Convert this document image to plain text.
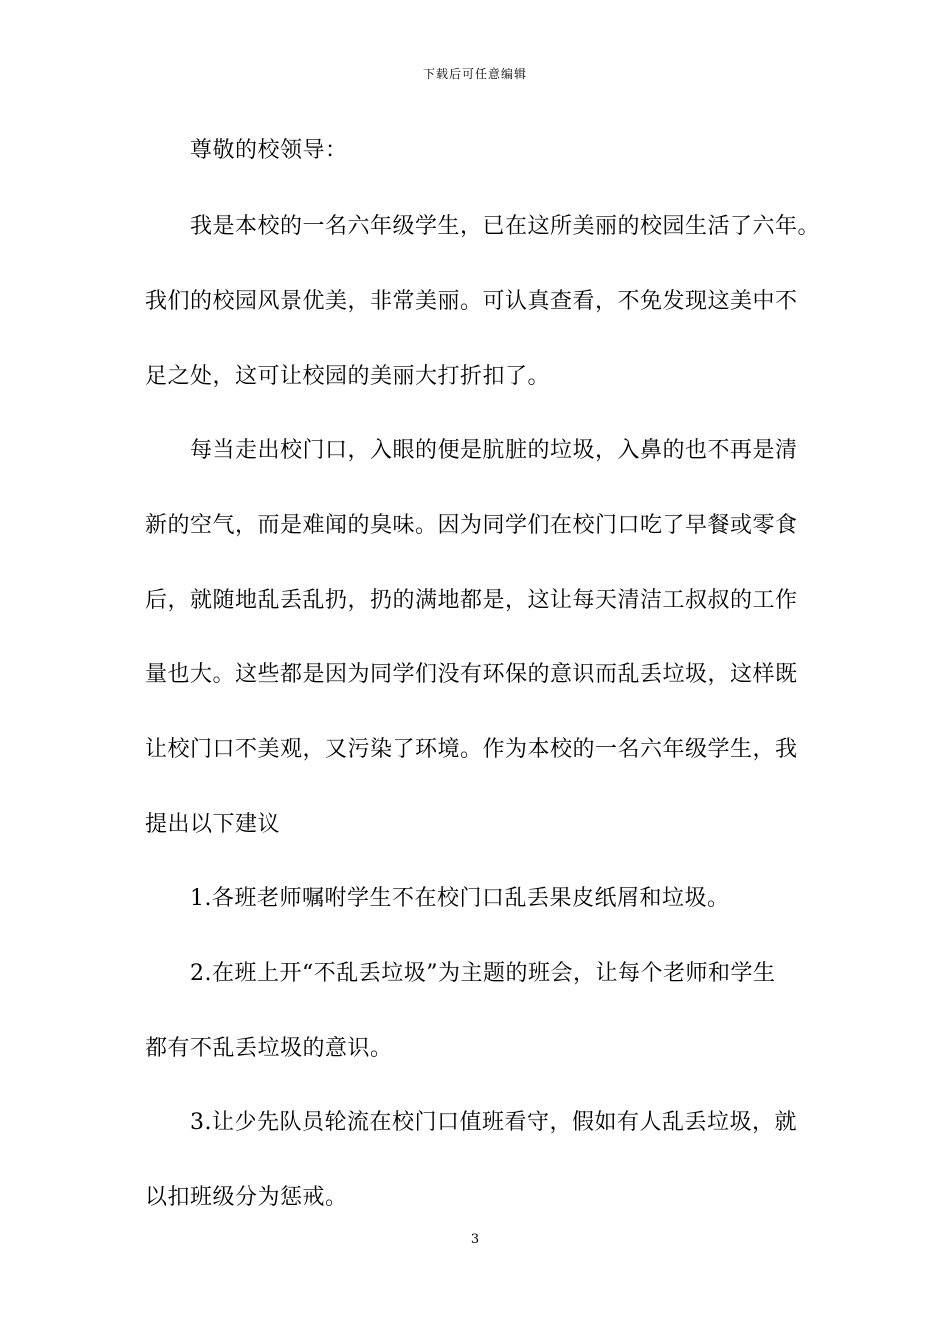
下载后可任意编辑
尊敬的校领导：
我是本校的一名六年级学生，已在这所美丽的校园生活了六年。
我们的校园风景优美，非常美丽。可认真查看，不免发现这美中不
足之处，这可让校园的美丽大打折扣了。
每当走出校门口，入眼的便是肮脏的垃圾，入鼻的也不再是清
新的空气，而是难闻的臭味。因为同学们在校门口吃了早餐或零食
后，就随地乱丢乱扔，扔的满地都是，这让每天清洁工叔叔的工作
量也大。这些都是因为同学们没有环保的意识而乱丢垃圾，这样既
让校门口不美观，又污染了环境。作为本校的一名六年级学生，我
提出以下建议
1.各班老师嘱咐学生不在校门口乱丢果皮纸屑和垃圾。
2.在班上开“不乱丢垃圾”为主题的班会，让每个老师和学生
都有不乱丢垃圾的意识。
3.让少先队员轮流在校门口值班看守，假如有人乱丢垃圾，就
以扣班级分为惩戒。
3
